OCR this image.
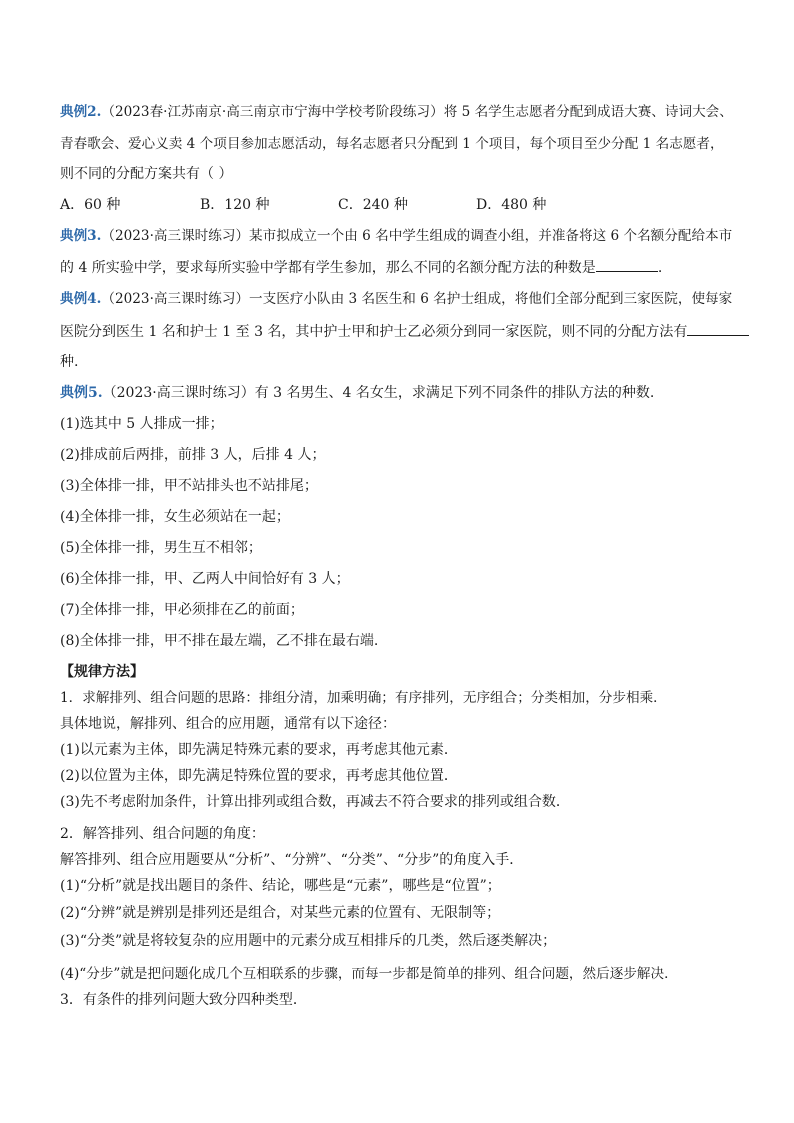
典例2.（2023春·江苏南京·高三南京市宁海中学校考阶段练习）将 5 名学生志愿者分配到成语大赛、诗词大会、
青春歌会、爱心义卖 4 个项目参加志愿活动，每名志愿者只分配到 1 个项目，每个项目至少分配 1 名志愿者，
则不同的分配方案共有（ ）
A．60 种	B．120 种	C．240 种	D．480 种
典例3.（2023·高三课时练习）某市拟成立一个由 6 名中学生组成的调查小组，并准备将这 6 个名额分配给本市
的 4 所实验中学，要求每所实验中学都有学生参加，那么不同的名额分配方法的种数是	.
典例4.（2023·高三课时练习）一支医疗小队由 3 名医生和 6 名护士组成，将他们全部分配到三家医院，使每家
医院分到医生 1 名和护士 1 至 3 名，其中护士甲和护士乙必须分到同一家医院，则不同的分配方法有
种.
典例5.（2023·高三课时练习）有 3 名男生、4 名女生，求满足下列不同条件的排队方法的种数.
(1)选其中 5 人排成一排；
(2)排成前后两排，前排 3 人，后排 4 人；
(3)全体排一排，甲不站排头也不站排尾；
(4)全体排一排，女生必须站在一起；
(5)全体排一排，男生互不相邻；
(6)全体排一排，甲、乙两人中间恰好有 3 人；
(7)全体排一排，甲必须排在乙的前面；
(8)全体排一排，甲不排在最左端，乙不排在最右端.
【规律方法】
1．求解排列、组合问题的思路：排组分清，加乘明确；有序排列，无序组合；分类相加，分步相乘．
具体地说，解排列、组合的应用题，通常有以下途径：
(1)以元素为主体，即先满足特殊元素的要求，再考虑其他元素．
(2)以位置为主体，即先满足特殊位置的要求，再考虑其他位置．
(3)先不考虑附加条件，计算出排列或组合数，再减去不符合要求的排列或组合数．
2．解答排列、组合问题的角度：
解答排列、组合应用题要从“分析”、“分辨”、“分类”、“分步”的角度入手．
(1)“分析”就是找出题目的条件、结论，哪些是“元素”，哪些是“位置”；
(2)“分辨”就是辨别是排列还是组合，对某些元素的位置有、无限制等；
(3)“分类”就是将较复杂的应用题中的元素分成互相排斥的几类，然后逐类解决；
(4)“分步”就是把问题化成几个互相联系的步骤，而每一步都是简单的排列、组合问题，然后逐步解决．
3．有条件的排列问题大致分四种类型．
